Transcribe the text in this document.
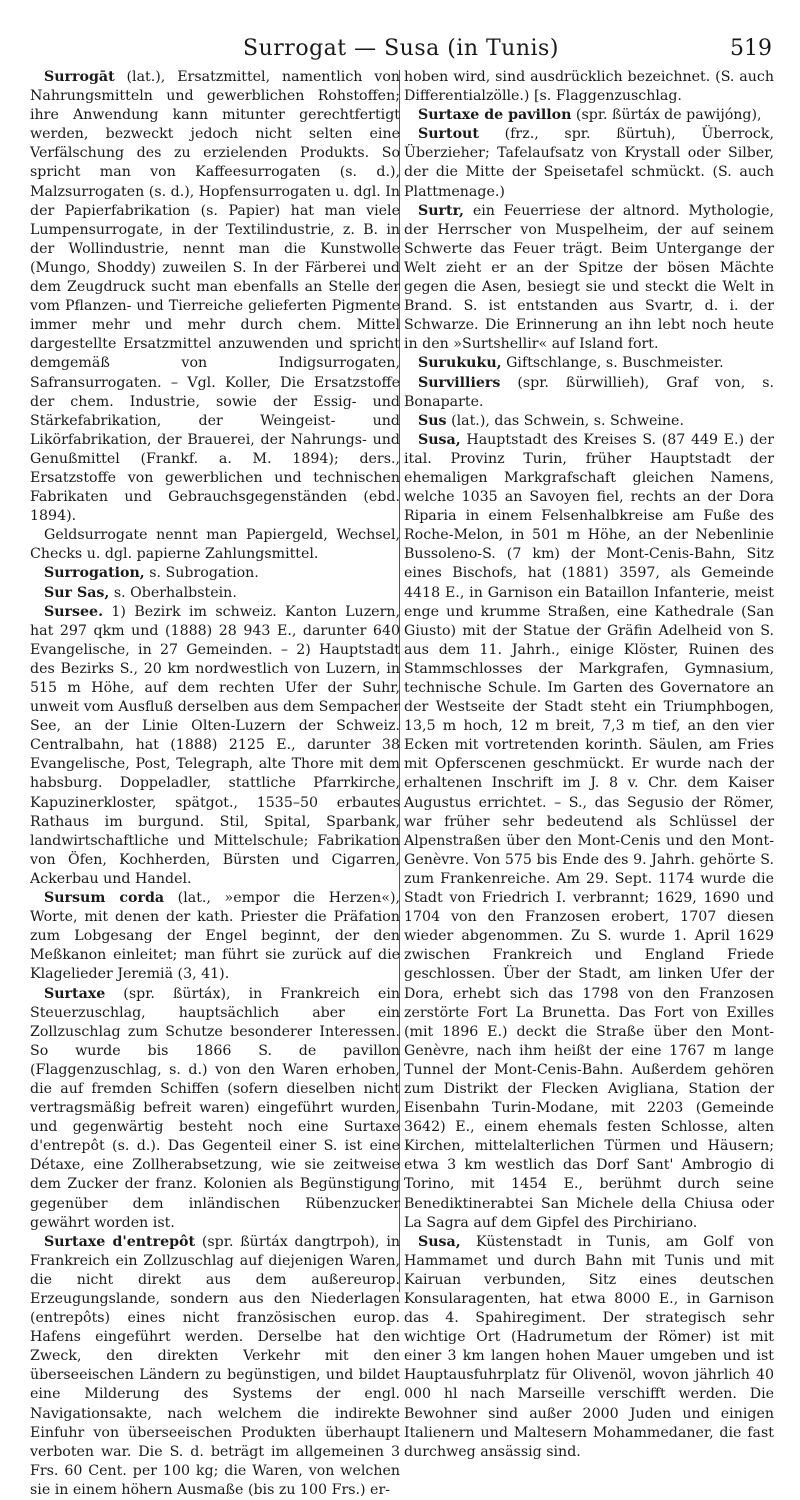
Surrogat — Susa (in Tunis)	519

Surrogāt (lat.), Ersatzmittel, namentlich von Nahrungsmitteln und gewerblichen Rohstoffen; ihre Anwendung kann mitunter gerechtfertigt werden, bezweckt jedoch nicht selten eine Verfälschung des zu erzielenden Produkts. So spricht man von Kaffeesurrogaten (s. d.), Malzsurrogaten (s. d.), Hopfensurrogaten u. dgl. In der Papierfabrikation (s. Papier) hat man viele Lumpensurrogate, in der Textilindustrie, z. B. in der Wollindustrie, nennt man die Kunstwolle (Mungo, Shoddy) zuweilen S. In der Färberei und dem Zeugdruck sucht man ebenfalls an Stelle der vom Pflanzen- und Tierreiche gelieferten Pigmente immer mehr und mehr durch chem. Mittel dargestellte Ersatzmittel anzuwenden und spricht demgemäß von Indigsurrogaten, Safransurrogaten. – Vgl. Koller, Die Ersatzstoffe der chem. Industrie, sowie der Essig- und Stärkefabrikation, der Weingeist- und Likörfabrikation, der Brauerei, der Nahrungs- und Genußmittel (Frankf. a. M. 1894); ders., Ersatzstoffe von gewerblichen und technischen Fabrikaten und Gebrauchsgegenständen (ebd. 1894).

Geldsurrogate nennt man Papiergeld, Wechsel, Checks u. dgl. papierne Zahlungsmittel.

Surrogation, s. Subrogation.

Sur Sas, s. Oberhalbstein.

Sursee. 1) Bezirk im schweiz. Kanton Luzern, hat 297 qkm und (1888) 28 943 E., darunter 640 Evangelische, in 27 Gemeinden. – 2) Hauptstadt des Bezirks S., 20 km nordwestlich von Luzern, in 515 m Höhe, auf dem rechten Ufer der Suhr, unweit vom Ausfluß derselben aus dem Sempacher See, an der Linie Olten-Luzern der Schweiz. Centralbahn, hat (1888) 2125 E., darunter 38 Evangelische, Post, Telegraph, alte Thore mit dem habsburg. Doppeladler, stattliche Pfarrkirche, Kapuzinerkloster, spätgot., 1535–50 erbautes Rathaus im burgund. Stil, Spital, Sparbank, landwirtschaftliche und Mittelschule; Fabrikation von Öfen, Kochherden, Bürsten und Cigarren, Ackerbau und Handel.

Sursum corda (lat., »empor die Herzen«), Worte, mit denen der kath. Priester die Präfation zum Lobgesang der Engel beginnt, der den Meßkanon einleitet; man führt sie zurück auf die Klagelieder Jeremiä (3, 41).

Surtaxe (spr. ßürtáx), in Frankreich ein Steuerzuschlag, hauptsächlich aber ein Zollzuschlag zum Schutze besonderer Interessen. So wurde bis 1866 S. de pavillon (Flaggenzuschlag, s. d.) von den Waren erhoben, die auf fremden Schiffen (sofern dieselben nicht vertragsmäßig befreit waren) eingeführt wurden, und gegenwärtig besteht noch eine Surtaxe d'entrepôt (s. d.). Das Gegenteil einer S. ist eine Détaxe, eine Zollherabsetzung, wie sie zeitweise dem Zucker der franz. Kolonien als Begünstigung gegenüber dem inländischen Rübenzucker gewährt worden ist.

Surtaxe d'entrepôt (spr. ßürtáx dangtrpoh), in Frankreich ein Zollzuschlag auf diejenigen Waren, die nicht direkt aus dem außereurop. Erzeugungslande, sondern aus den Niederlagen (entrepôts) eines nicht französischen europ. Hafens eingeführt werden. Derselbe hat den Zweck, den direkten Verkehr mit den überseeischen Ländern zu begünstigen, und bildet eine Milderung des Systems der engl. Navigationsakte, nach welchem die indirekte Einfuhr von überseeischen Produkten überhaupt verboten war. Die S. d. beträgt im allgemeinen 3 Frs. 60 Cent. per 100 kg; die Waren, von welchen sie in einem höhern Ausmaße (bis zu 100 Frs.) er-

hoben wird, sind ausdrücklich bezeichnet. (S. auch Differentialzölle.) [s. Flaggenzuschlag.

Surtaxe de pavillon (spr. ßürtáx de pawijóng),

Surtout (frz., spr. ßürtuh), Überrock, Überzieher; Tafelaufsatz von Krystall oder Silber, der die Mitte der Speisetafel schmückt. (S. auch Plattmenage.)

Surtr, ein Feuerriese der altnord. Mythologie, der Herrscher von Muspelheim, der auf seinem Schwerte das Feuer trägt. Beim Untergange der Welt zieht er an der Spitze der bösen Mächte gegen die Asen, besiegt sie und steckt die Welt in Brand. S. ist entstanden aus Svartr, d. i. der Schwarze. Die Erinnerung an ihn lebt noch heute in den »Surtshellir« auf Island fort.

Surukuku, Giftschlange, s. Buschmeister.

Survilliers (spr. ßürwillieh), Graf von, s. Bonaparte.

Sus (lat.), das Schwein, s. Schweine.

Susa, Hauptstadt des Kreises S. (87 449 E.) der ital. Provinz Turin, früher Hauptstadt der ehemaligen Markgrafschaft gleichen Namens, welche 1035 an Savoyen fiel, rechts an der Dora Riparia in einem Felsenhalbkreise am Fuße des Roche-Melon, in 501 m Höhe, an der Nebenlinie Bussoleno-S. (7 km) der Mont-Cenis-Bahn, Sitz eines Bischofs, hat (1881) 3597, als Gemeinde 4418 E., in Garnison ein Bataillon Infanterie, meist enge und krumme Straßen, eine Kathedrale (San Giusto) mit der Statue der Gräfin Adelheid von S. aus dem 11. Jahrh., einige Klöster, Ruinen des Stammschlosses der Markgrafen, Gymnasium, technische Schule. Im Garten des Governatore an der Westseite der Stadt steht ein Triumphbogen, 13,5 m hoch, 12 m breit, 7,3 m tief, an den vier Ecken mit vortretenden korinth. Säulen, am Fries mit Opferscenen geschmückt. Er wurde nach der erhaltenen Inschrift im J. 8 v. Chr. dem Kaiser Augustus errichtet. – S., das Segusio der Römer, war früher sehr bedeutend als Schlüssel der Alpenstraßen über den Mont-Cenis und den Mont-Genèvre. Von 575 bis Ende des 9. Jahrh. gehörte S. zum Frankenreiche. Am 29. Sept. 1174 wurde die Stadt von Friedrich I. verbrannt; 1629, 1690 und 1704 von den Franzosen erobert, 1707 diesen wieder abgenommen. Zu S. wurde 1. April 1629 zwischen Frankreich und England Friede geschlossen. Über der Stadt, am linken Ufer der Dora, erhebt sich das 1798 von den Franzosen zerstörte Fort La Brunetta. Das Fort von Exilles (mit 1896 E.) deckt die Straße über den Mont-Genèvre, nach ihm heißt der eine 1767 m lange Tunnel der Mont-Cenis-Bahn. Außerdem gehören zum Distrikt der Flecken Avigliana, Station der Eisenbahn Turin-Modane, mit 2203 (Gemeinde 3642) E., einem ehemals festen Schlosse, alten Kirchen, mittelalterlichen Türmen und Häusern; etwa 3 km westlich das Dorf Sant' Ambrogio di Torino, mit 1454 E., berühmt durch seine Benediktinerabtei San Michele della Chiusa oder La Sagra auf dem Gipfel des Pirchiriano.

Susa, Küstenstadt in Tunis, am Golf von Hammamet und durch Bahn mit Tunis und mit Kairuan verbunden, Sitz eines deutschen Konsularagenten, hat etwa 8000 E., in Garnison das 4. Spahiregiment. Der strategisch sehr wichtige Ort (Hadrumetum der Römer) ist mit einer 3 km langen hohen Mauer umgeben und ist Hauptausfuhrplatz für Olivenöl, wovon jährlich 40 000 hl nach Marseille verschifft werden. Die Bewohner sind außer 2000 Juden und einigen Italienern und Maltesern Mohammedaner, die fast durchweg ansässig sind.
